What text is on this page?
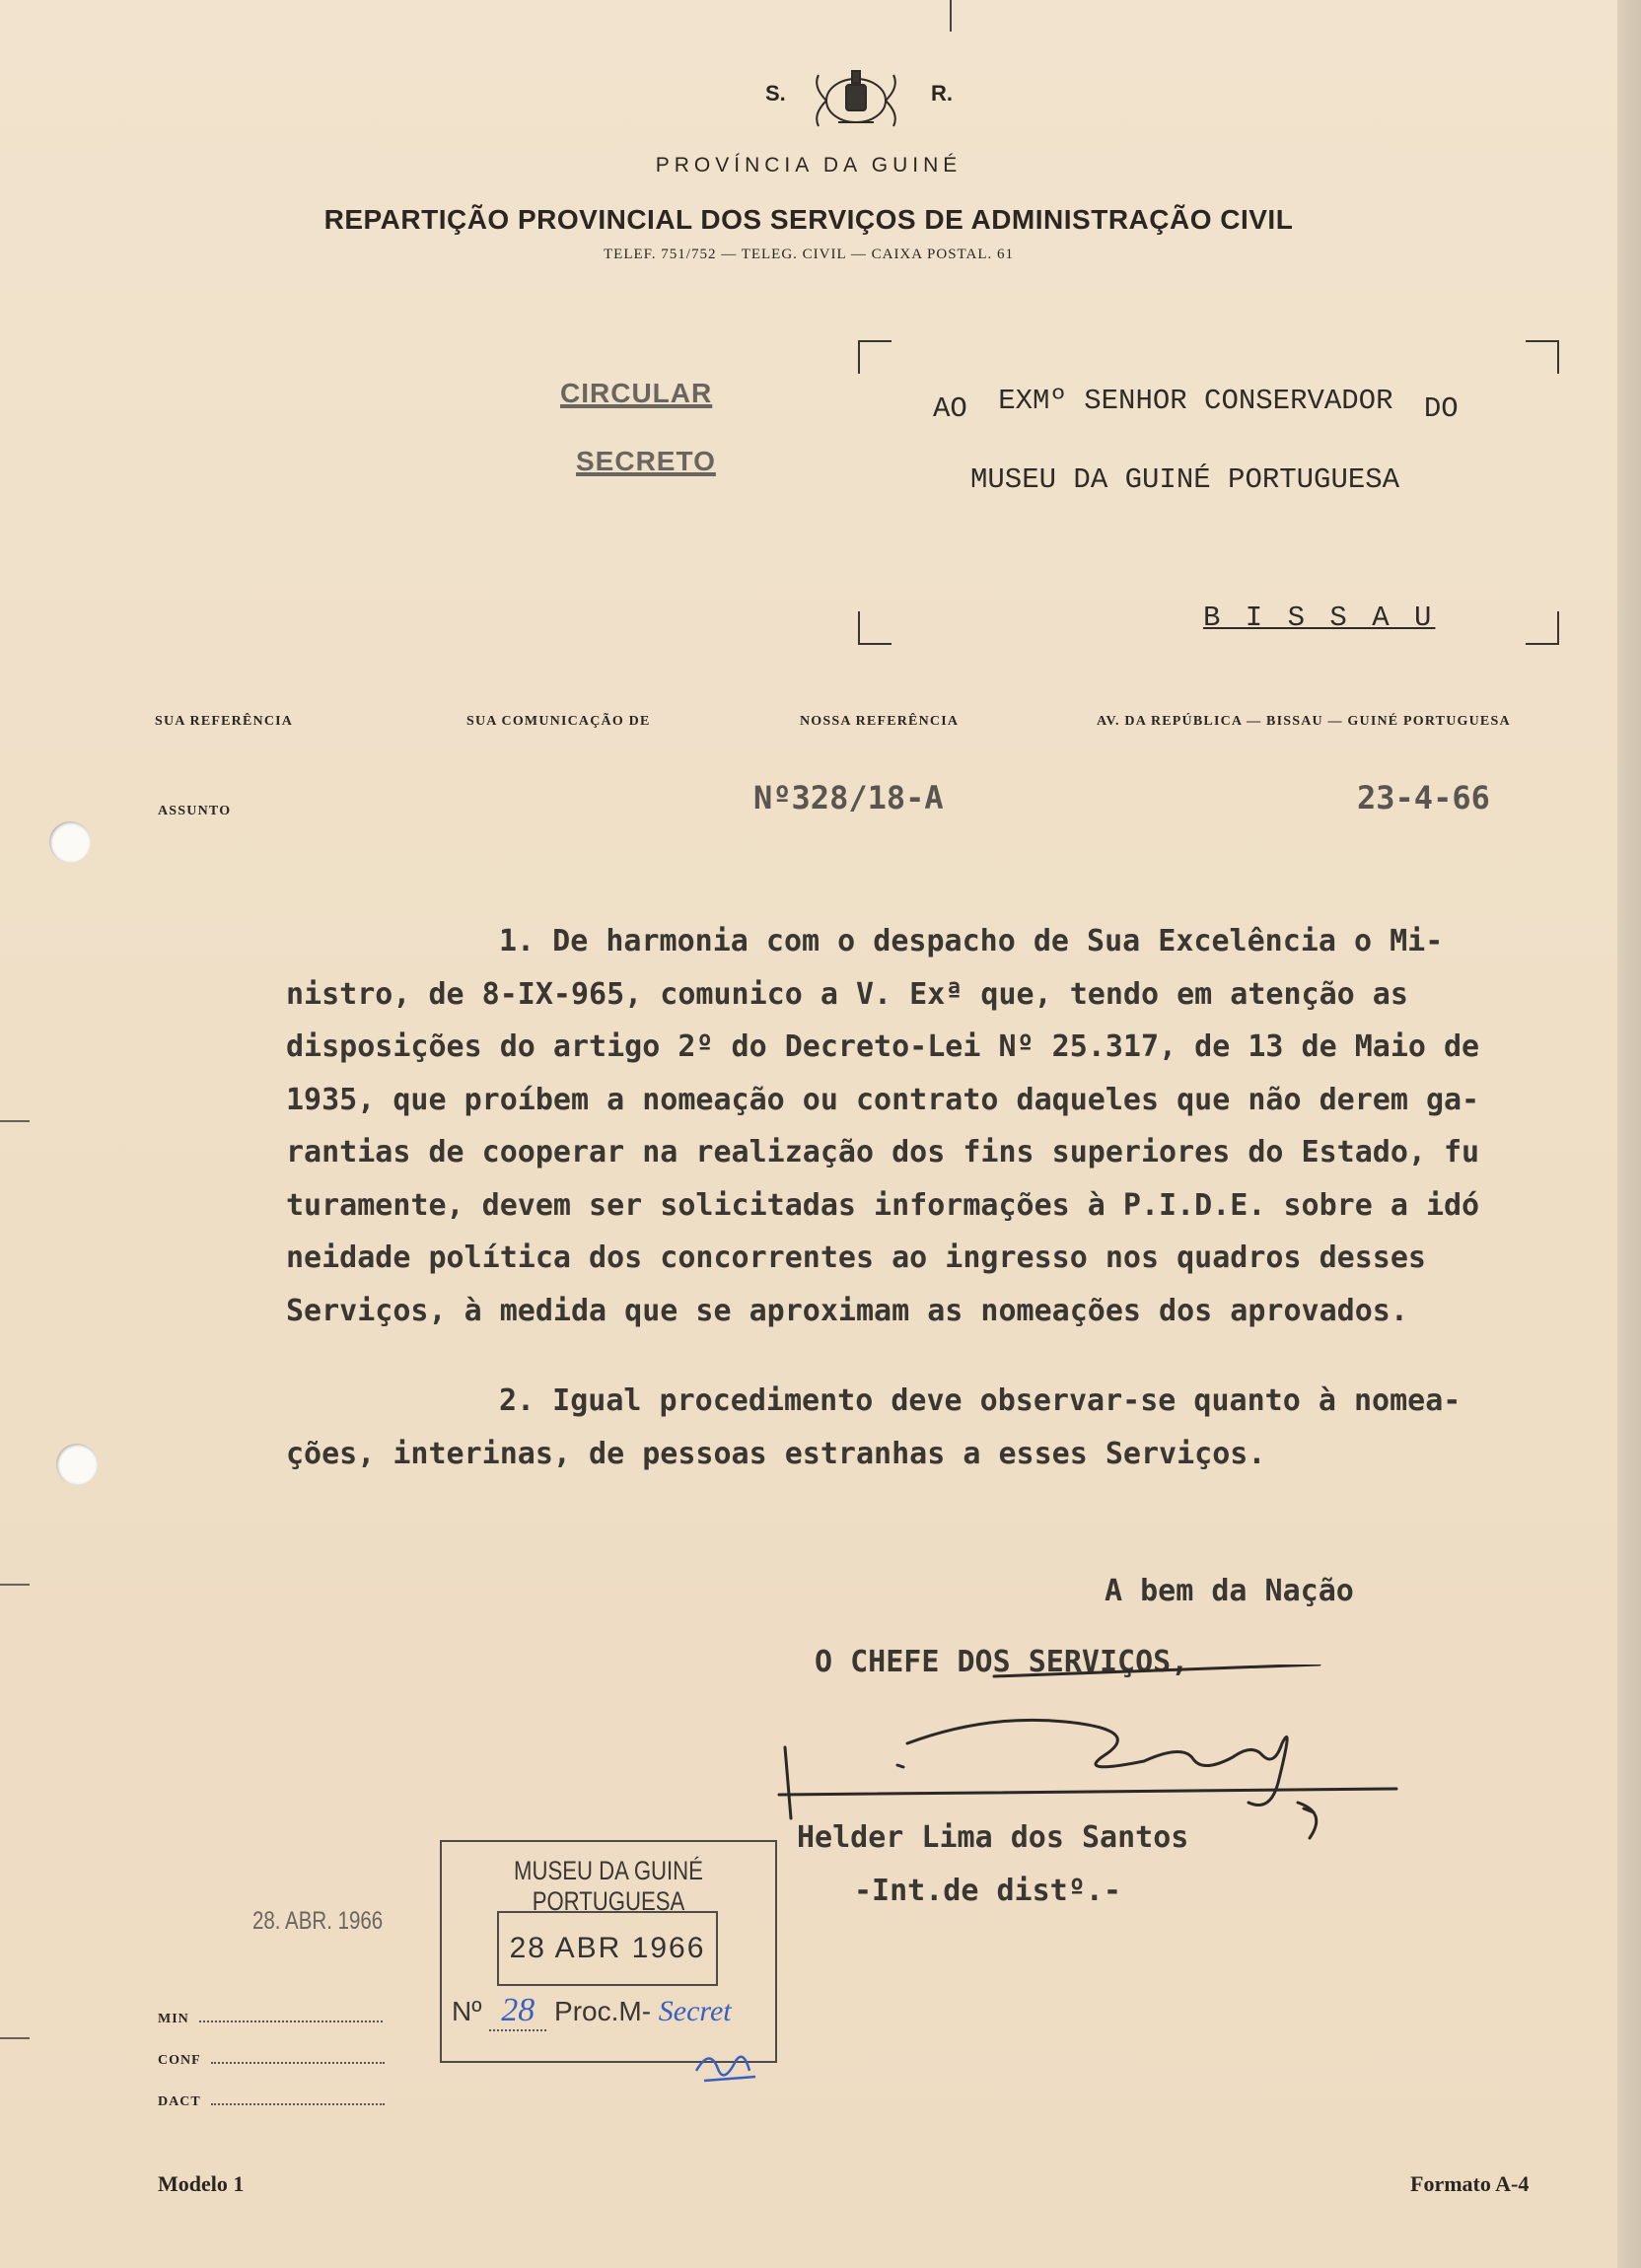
S.	R.
PROVÍNCIA DA GUINÉ
REPARTIÇÃO PROVINCIAL DOS SERVIÇOS DE ADMINISTRAÇÃO CIVIL
TELEF. 751/752 — TELEG. CIVIL — CAIXA POSTAL. 61
CIRCULAR
SECRETO
AO EXMº SENHOR CONSERVADOR DO
MUSEU DA GUINÉ PORTUGUESA
B I S S A U
SUA REFERÊNCIA	SUA COMUNICAÇÃO DE	NOSSA REFERÊNCIA	AV. DA REPÚBLICA — BISSAU — GUINÉ PORTUGUESA
ASSUNTO	Nº328/18-A	23-4-66

1. De harmonia com o despacho de Sua Excelência o Mi-

nistro, de 8-IX-965, comunico a V. Exª que, tendo em atenção as

disposições do artigo 2º do Decreto-Lei Nº 25.317, de 13 de Maio de

1935, que proíbem a nomeação ou contrato daqueles que não derem ga-

rantias de cooperar na realização dos fins superiores do Estado, fu

turamente, devem ser solicitadas informações à P.I.D.E. sobre a idó

neidade política dos concorrentes ao ingresso nos quadros desses

Serviços, à medida que se aproximam as nomeações dos aprovados.

2. Igual procedimento deve observar-se quanto à nomea-

ções, interinas, de pessoas estranhas a esses Serviços.

A bem da Nação
O CHEFE DOS SERVIÇOS,
Helder Lima dos Santos
-Int.de distº.-
28. ABR. 1966
MUSEU DA GUINÉ PORTUGUESA
28 ABR 1966
Nº 28 Proc.M- Secret
MIN
CONF
DACT
Modelo 1	Formato A-4
